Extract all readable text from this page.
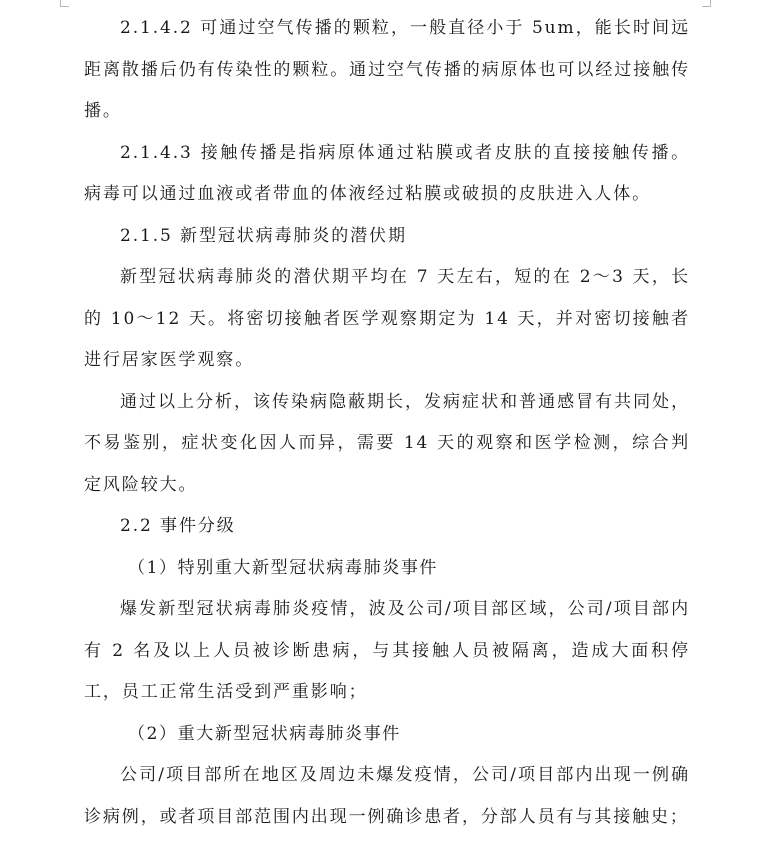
2.1.4.2 可通过空气传播的颗粒，一般直径小于 5um，能长时间远距离散播后仍有传染性的颗粒。通过空气传播的病原体也可以经过接触传播。

2.1.4.3 接触传播是指病原体通过粘膜或者皮肤的直接接触传播。病毒可以通过血液或者带血的体液经过粘膜或破损的皮肤进入人体。

2.1.5 新型冠状病毒肺炎的潜伏期

新型冠状病毒肺炎的潜伏期平均在 7 天左右，短的在 2～3 天，长的 10～12 天。将密切接触者医学观察期定为 14 天，并对密切接触者进行居家医学观察。

通过以上分析，该传染病隐蔽期长，发病症状和普通感冒有共同处，不易鉴别，症状变化因人而异，需要 14 天的观察和医学检测，综合判定风险较大。

2.2 事件分级

（1）特别重大新型冠状病毒肺炎事件

爆发新型冠状病毒肺炎疫情，波及公司/项目部区域，公司/项目部内有 2 名及以上人员被诊断患病，与其接触人员被隔离，造成大面积停工，员工正常生活受到严重影响；

（2）重大新型冠状病毒肺炎事件

公司/项目部所在地区及周边未爆发疫情，公司/项目部内出现一例确诊病例，或者项目部范围内出现一例确诊患者，分部人员有与其接触史；
